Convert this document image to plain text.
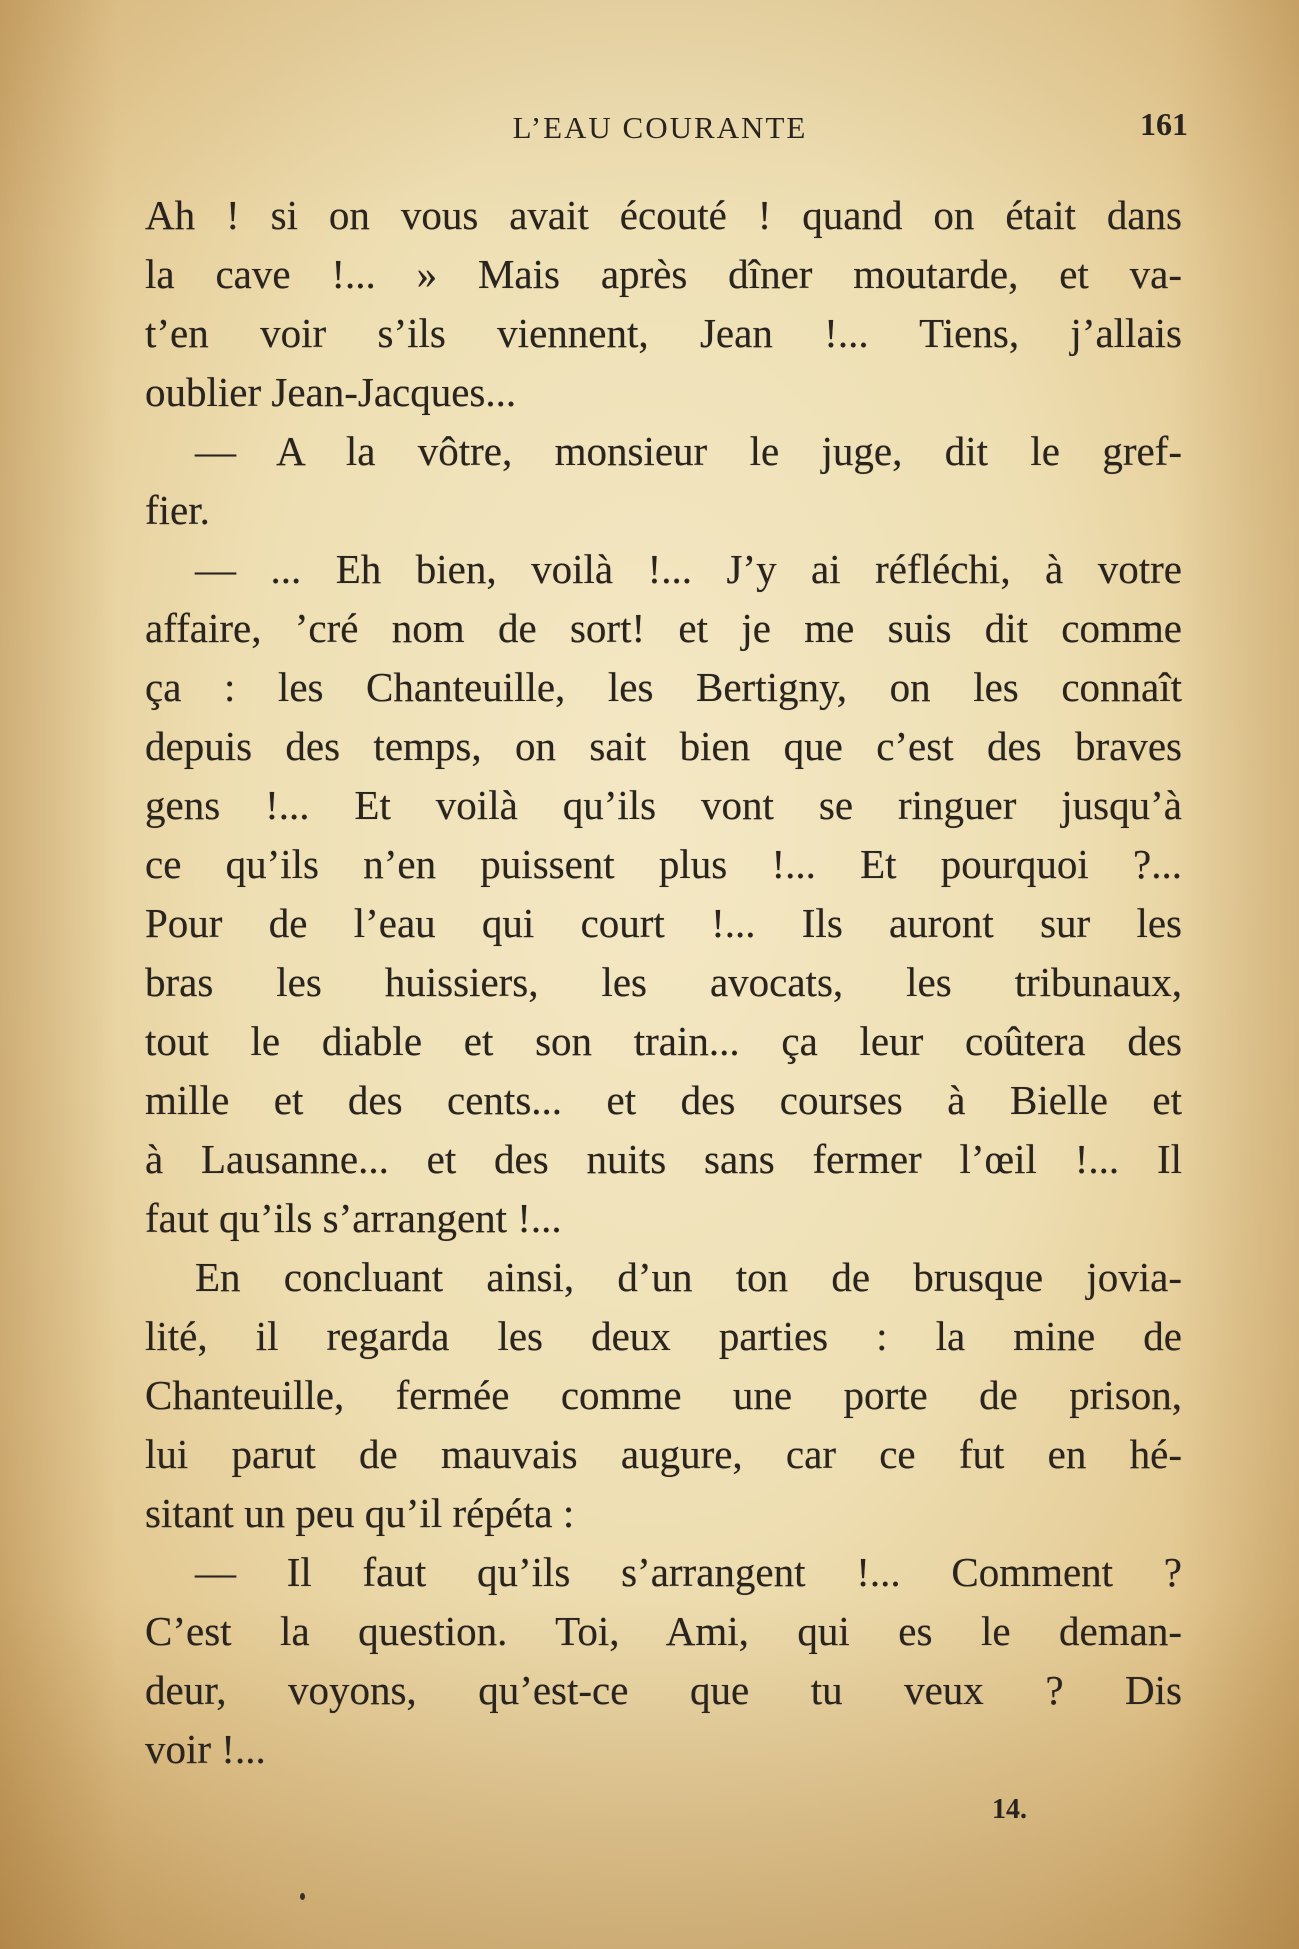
L’EAU COURANTE	161
Ah ! si on vous avait écouté ! quand on était dans
la cave !... » Mais après dîner moutarde, et va-
t’en voir s’ils viennent, Jean !... Tiens, j’allais
oublier Jean-Jacques...
— A la vôtre, monsieur le juge, dit le gref-
fier.
— ... Eh bien, voilà !... J’y ai réfléchi, à votre
affaire, ’cré nom de sort! et je me suis dit comme
ça : les Chanteuille, les Bertigny, on les connaît
depuis des temps, on sait bien que c’est des braves
gens !... Et voilà qu’ils vont se ringuer jusqu’à
ce qu’ils n’en puissent plus !... Et pourquoi ?...
Pour de l’eau qui court !... Ils auront sur les
bras les huissiers, les avocats, les tribunaux,
tout le diable et son train... ça leur coûtera des
mille et des cents... et des courses à Bielle et
à Lausanne... et des nuits sans fermer l’œil !... Il
faut qu’ils s’arrangent !...
En concluant ainsi, d’un ton de brusque jovia-
lité, il regarda les deux parties : la mine de
Chanteuille, fermée comme une porte de prison,
lui parut de mauvais augure, car ce fut en hé-
sitant un peu qu’il répéta :
— Il faut qu’ils s’arrangent !... Comment ?
C’est la question. Toi, Ami, qui es le deman-
deur, voyons, qu’est-ce que tu veux ? Dis
voir !...
14.
